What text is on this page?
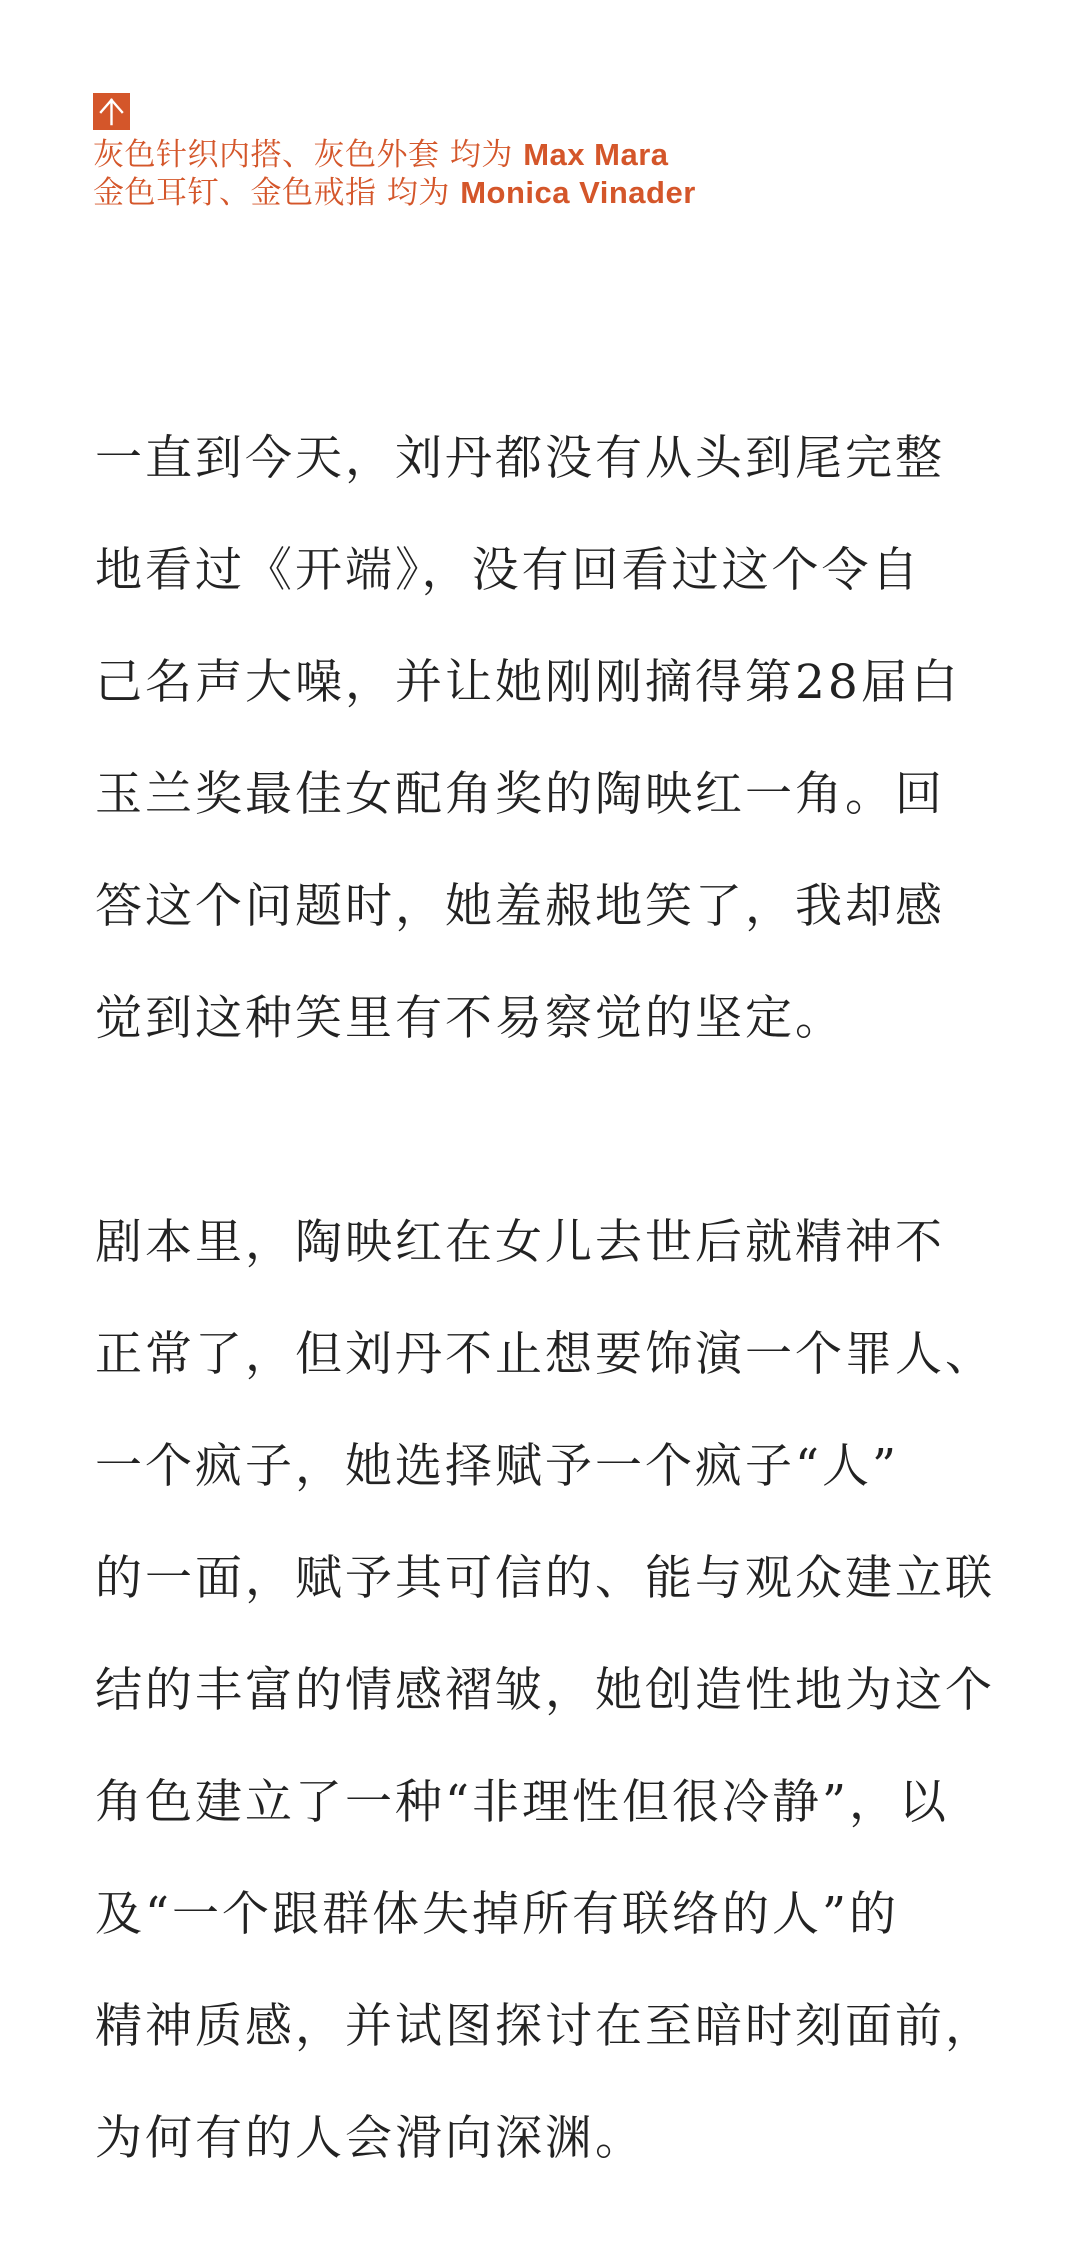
灰色针织内搭、灰色外套 均为 Max Mara
金色耳钉、金色戒指 均为 Monica Vinader
一直到今天，刘丹都没有从头到尾完整
地看过《开端》，没有回看过这个令自
己名声大噪，并让她刚刚摘得第28届白
玉兰奖最佳女配角奖的陶映红一角。回
答这个问题时，她羞赧地笑了，我却感
觉到这种笑里有不易察觉的坚定。
剧本里，陶映红在女儿去世后就精神不
正常了，但刘丹不止想要饰演一个罪人、
一个疯子，她选择赋予一个疯子“人”
的一面，赋予其可信的、能与观众建立联
结的丰富的情感褶皱，她创造性地为这个
角色建立了一种“非理性但很冷静”，以
及“一个跟群体失掉所有联络的人”的
精神质感，并试图探讨在至暗时刻面前，
为何有的人会滑向深渊。
